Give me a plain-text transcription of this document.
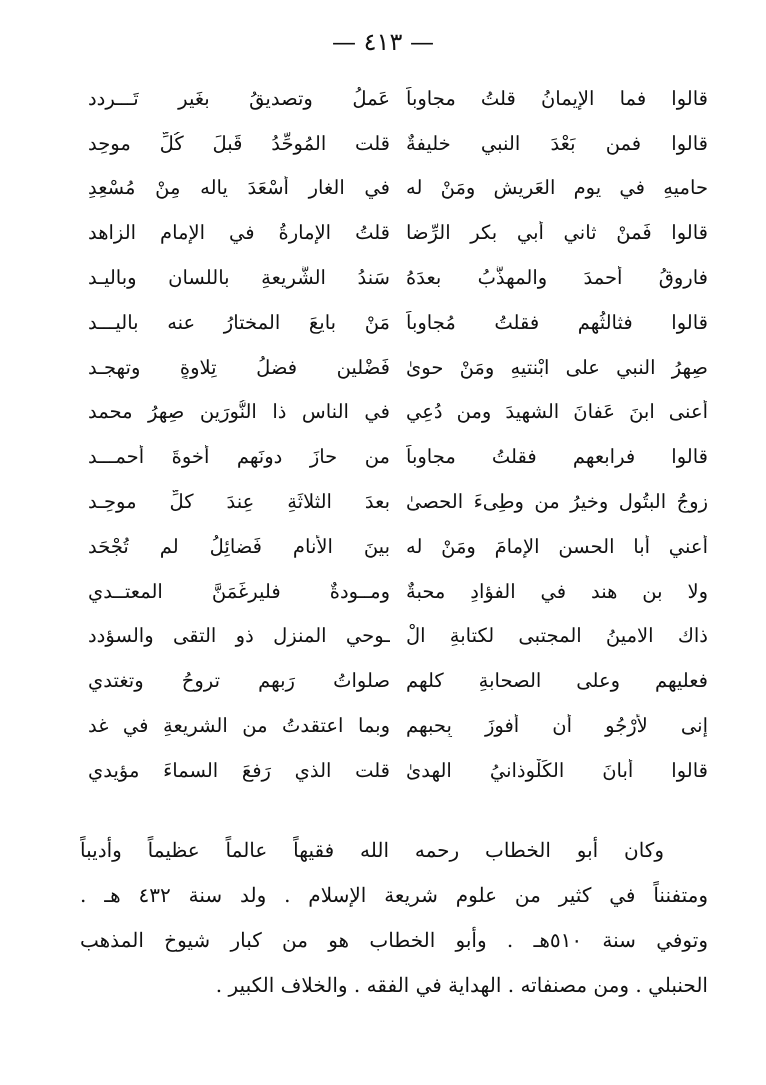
— ٤١٣ —
قالوا فما الإيمانُ قلتُ مجاوباً
عَملُ وتصديقُ بغَيرِ تَـــردد
قالوا فمن بَعْدَ النبي خليفةٌ
قلت المُوحِّدُ قَبلَ كُلِّ موحِد
حاميهِ في يومِ العَريشِ ومَنْ له
في الغارِ أَسْعَدَ ياله مِنْ مُسْعِدِ
قالوا فَمنْ ثاني أَبي بكرِ الرِّضا
قلتُ الإمارةُ في الإمامِ الزاهد
فاروقُ أَحمدَ والمهذَّبُ بعدَهُ
سَندُ الشَّريعةِ باللسانِ وباليـد
قالوا فثالثُهم فقلتُ مُجاوباً
مَنْ بايعَ المختارُ عنه باليـــد
صِهرُ النبي على ابْنتيهِ ومَنْ حوىٰ
فَضْلينِ فضلُ تِلاوةٍ وتهجـد
أَعنى ابنَ عَفانَ الشهيدَ ومن دُعِي
في الناسِ ذا النُّورَينِ صِهرُ محمد
قالوا فرابعهم فقلتُ مجاوباً
من حازَ دونَهم أُخوةَ أَحمـــد
زوجُ البتُولِ وخيرُ من وطِىءَ الحصىٰ
بعدَ الثلاثَةِ عِندَ كلِّ موحِـد
أَعني أَبا الحسنِ الإمامَ ومَنْ له
بينَ الأَنامِ فَضائِلُ لم تُجْحَد
ولا بن هند في الفؤادِ محبةٌ
ومــودةٌ فليرغَمَنَّ المعتــدي
ذاك الامينُ المجتبى لكتابةِ الْ
ـوحي المنزلِ ذو التقى والسؤدد
فعليهم وعلى الصحابةِ كلهِم
صلواتُ رَبهم تروحُ وتغتدي
إنى لأرْجُو أن أَفوزَ بِحبهم
وبما اعتقدتُ من الشريعةِ في غد
قالوا أَبانَ الكَلْوذانيُ الهدىٰ
قلت الذي رَفعَ السماءَ مؤيدي
وكان أبو الخطاب رحمه الله فقيهاً عالماً عظيماً وأديباً
ومتفنناً في كثير من علوم شريعة الإسلام . ولد سنة ٤٣٢ هـ .
وتوفي سنة ٥١٠هـ . وأبو الخطاب هو من كبار شيوخ المذهب
الحنبلي . ومن مصنفاته . الهداية في الفقه . والخلاف الكبير .
